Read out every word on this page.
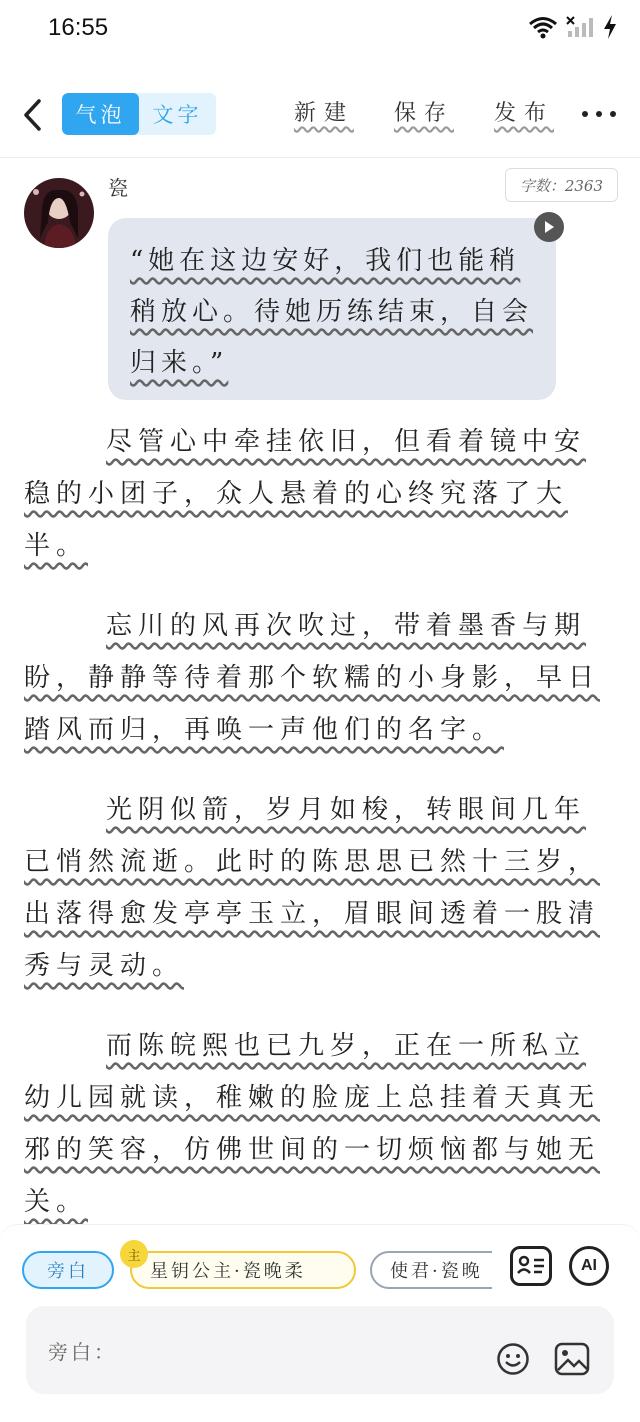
16:55
气泡	文字	新建 保存 发布
瓷	字数：2363
“她在这边安好，我们也能稍稍放心。待她历练结束，自会归来。”
尽管心中牵挂依旧，但看着镜中安稳的小团子，众人悬着的心终究落了大半。
忘川的风再次吹过，带着墨香与期盼，静静等待着那个软糯的小身影，早日踏风而归，再唤一声他们的名字。
光阴似箭，岁月如梭，转眼间几年已悄然流逝。此时的陈思思已然十三岁，出落得愈发亭亭玉立，眉眼间透着一股清秀与灵动。
而陈皖熙也已九岁，正在一所私立幼儿园就读，稚嫩的脸庞上总挂着天真无邪的笑容，仿佛世间的一切烦恼都与她无关。
旁白	星钥公主·瓷晚柔	使君·瓷晚
主
AI
旁白：
